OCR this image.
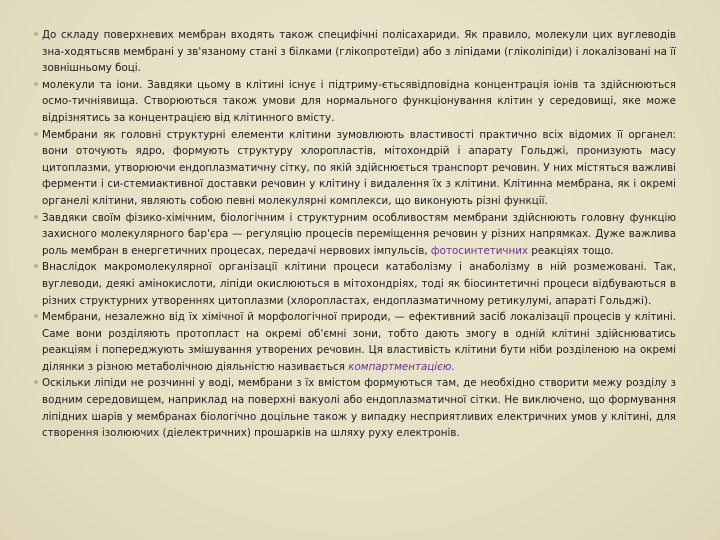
До складу поверхневих мембран входять також специфічні полісахариди. Як правило, молекули цих вуглеводів зна-ходятьсяв мембрані у зв'язаному стані з білками (глікопротеїди) або з ліпідами (гліколіпіди) і локалізовані на її зовнішньому боці.

молекули та іони. Завдяки цьому в клітині існує і підтриму-єтьсявідповідна концентрація іонів та здійснюються осмо-тичніявища. Створюються також умови для нормального функціонування клітин у середовищі, яке може відрізнятись за концентрацією від клітинного вмісту.

Мембрани як головні структурні елементи клітини зумовлюють властивості практично всіх відомих її органел: вони оточують ядро, формують структуру хлоропластів, мітохондрій і апарату Гольджі, пронизують масу цитоплазми, утворюючи ендоплазматичну сітку, по якій здійснюється транспорт речовин. У них містяться важливі ферменти і си-стемиактивної доставки речовин у клітину і видалення їх з клітини. Клітинна мембрана, як і окремі органелі клітини, являють собою певні молекулярні комплекси, що виконують різні функції.

Завдяки своїм фізико-хімічним, біологічним і структурним особливостям мембрани здійснюють головну функцію захисного молекулярного бар'єра — регуляцію процесів переміщення речовин у різних напрямках. Дуже важлива роль мембран в енергетичних процесах, передачі нервових імпульсів, фотосинтетичних реакціях тощо.

Внаслідок макромолекулярної організації клітини процеси катаболізму і анаболізму в ній розмежовані. Так, вуглеводи, деякі амінокислоти, ліпіди окислюються в мітохондріях, тоді як біосинтетичні процеси відбуваються в різних структурних утвореннях цитоплазми (хлоропластах, ендоплазматичному ретикулумі, апараті Гольджі).

Мембрани, незалежно від їх хімічної й морфологічної природи, — ефективний засіб локалізації процесів у клітині. Саме вони розділяють протопласт на окремі об'ємні зони, тобто дають змогу в одній клітині здійснюватись реакціям і попереджують змішування утворених речовин. Ця властивість клітини бути ніби розділеною на окремі ділянки з різною метаболічною діяльністю називається компартментацією.

Оскільки ліпіди не розчинні у воді, мембрани з їх вмістом формуються там, де необхідно створити межу розділу з водним середовищем, наприклад на поверхні вакуолі або ендоплазматичної сітки. Не виключено, що формування ліпідних шарів у мембранах біологічно доцільне також у випадку несприятливих електричних умов у клітині, для створення ізолюючих (діелектричних) прошарків на шляху руху електронів.
